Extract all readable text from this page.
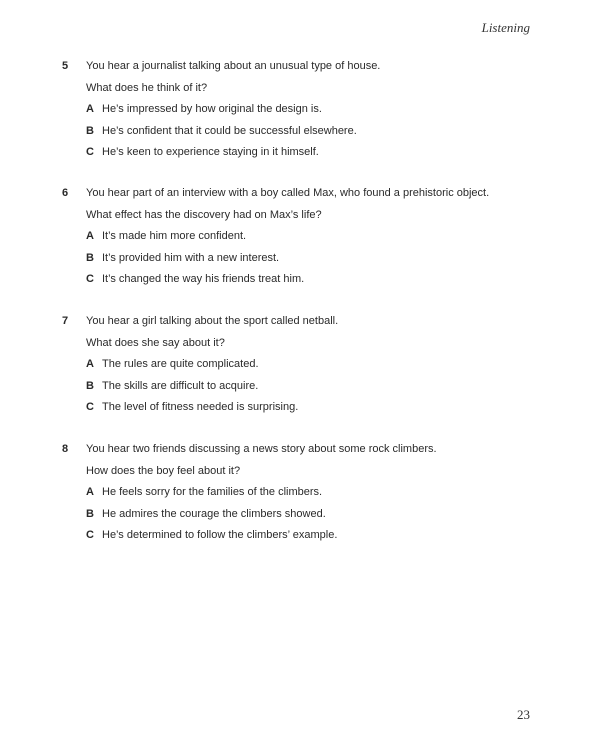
Listening
5 You hear a journalist talking about an unusual type of house.
What does he think of it?
A He’s impressed by how original the design is.
B He’s confident that it could be successful elsewhere.
C He’s keen to experience staying in it himself.
6 You hear part of an interview with a boy called Max, who found a prehistoric object.
What effect has the discovery had on Max’s life?
A It’s made him more confident.
B It’s provided him with a new interest.
C It’s changed the way his friends treat him.
7 You hear a girl talking about the sport called netball.
What does she say about it?
A The rules are quite complicated.
B The skills are difficult to acquire.
C The level of fitness needed is surprising.
8 You hear two friends discussing a news story about some rock climbers.
How does the boy feel about it?
A He feels sorry for the families of the climbers.
B He admires the courage the climbers showed.
C He’s determined to follow the climbers’ example.
23
